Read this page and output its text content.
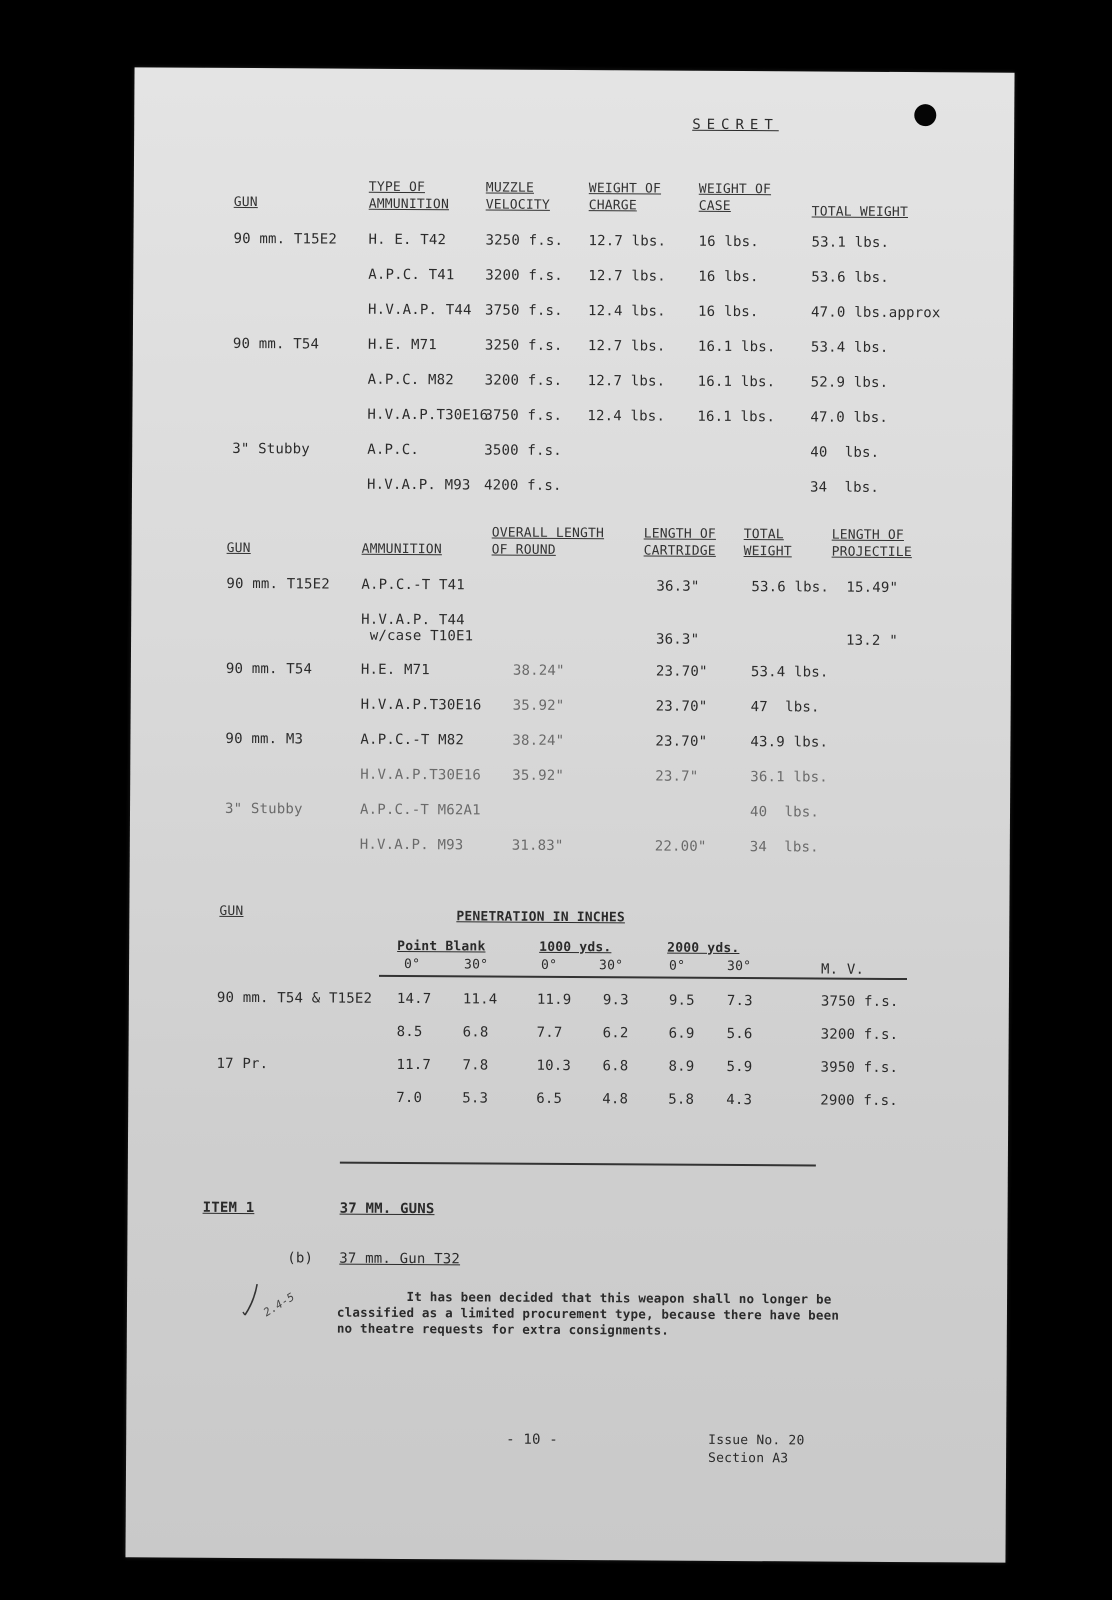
SECRET
GUN
TYPE OF
AMMUNITION
MUZZLE
VELOCITY
WEIGHT OF
CHARGE
WEIGHT OF
CASE	TOTAL WEIGHT
90 mm. T15E2 H. E. T42	3250 f.s. 12.7 lbs. 16 lbs.	53.1 lbs.
A.P.C. T41 3200 f.s. 12.7 lbs. 16 lbs.	53.6 lbs.
H.V.A.P. T44 3750 f.s. 12.4 lbs. 16 lbs.	47.0 lbs.approx
90 mm. T54	H.E. M71	3250 f.s. 12.7 lbs. 16.1 lbs.	53.4 lbs.
A.P.C. M82 3200 f.s. 12.7 lbs. 16.1 lbs.	52.9 lbs.
H.V.A.P.T30E16
3750 f.s. 12.4 lbs. 16.1 lbs.	47.0 lbs.
3" Stubby	A.P.C.	3500 f.s.	40  lbs.
H.V.A.P. M93 4200 f.s.	34  lbs.
GUN	AMMUNITION
OVERALL LENGTH
OF ROUND
LENGTH OF
CARTRIDGE
TOTAL
WEIGHT
LENGTH OF
PROJECTILE
90 mm. T15E2 A.P.C.-T T41	36.3"	53.6 lbs. 15.49"
H.V.A.P. T44
w/case T10E1	36.3"	13.2 "
90 mm. T54	H.E. M71	38.24"	23.70"	53.4 lbs.
H.V.A.P.T30E16 35.92"	23.70"	47  lbs.
90 mm. M3	A.P.C.-T M82	38.24"	23.70"	43.9 lbs.
H.V.A.P.T30E16 35.92"	23.7"	36.1 lbs.
3" Stubby	A.P.C.-T M62A1	40  lbs.
H.V.A.P. M93	31.83"	22.00"	34  lbs.
GUN	PENETRATION IN INCHES
Point Blank	1000 yds.	2000 yds.
0°	30°	0°	30°	0°	30°	M. V.
90 mm. T54 & T15E2 14.7 11.4	11.9 9.3	9.5 7.3	3750 f.s.
8.5	6.8	7.7	6.2	6.9 5.6	3200 f.s.
17 Pr.	11.7 7.8	10.3 6.8	8.9 5.9	3950 f.s.
7.0	5.3	6.5	4.8	5.8 4.3	2900 f.s.
ITEM 1	37 MM. GUNS
(b) 37 mm. Gun T32
It has been decided that this weapon shall no longer be
classified as a limited procurement type, because there have been
no theatre requests for extra consignments.
2.4-5
- 10 -	Issue No. 20
Section A3
